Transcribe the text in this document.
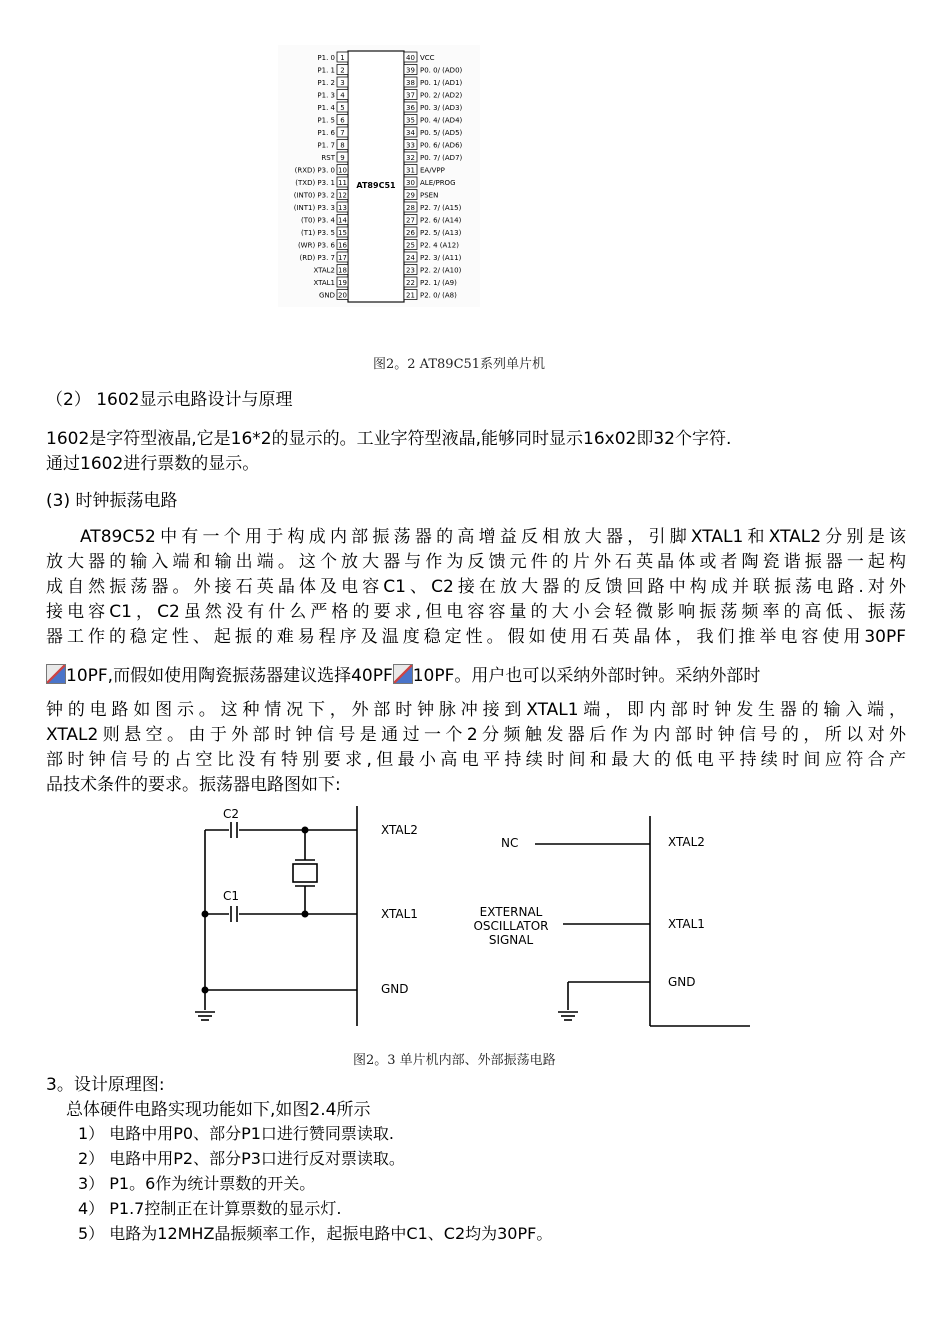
1
P1. 0
2
P1. 1
3
P1. 2
4
P1. 3
5
P1. 4
6
P1. 5
7
P1. 6
8
P1. 7
9
RST
10
(RXD) P3. 0
11
(TXD) P3. 1
12
(INT0) P3. 2
13
(INT1) P3. 3
14
(T0) P3. 4
15
(T1) P3. 5
16
(WR) P3. 6
17
(RD) P3. 7
18
XTAL2
19
XTAL1
20
GND
40 VCC
39 P0. 0/ (AD0)
38 P0. 1/ (AD1)
37 P0. 2/ (AD2)
36 P0. 3/ (AD3)
35 P0. 4/ (AD4)
34 P0. 5/ (AD5)
33 P0. 6/ (AD6)
32 P0. 7/ (AD7)
31 EA/VPP
30 ALE/PROG
29 PSEN
28 P2. 7/ (A15)
27 P2. 6/ (A14)
26 P2. 5/ (A13)
25 P2. 4 (A12)
24 P2. 3/ (A11)
23 P2. 2/ (A10)
22 P2. 1/ (A9)
21 P2. 0/ (A8)
AT89C51
图2。2 AT89C51系列单片机
（2） 1602显示电路设计与原理
1602是字符型液晶,它是16*2的显示的。工业字符型液晶,能够同时显示16x02即32个字符.
通过1602进行票数的显示。
(3) 时钟振荡电路
AT89C52中有一个用于构成内部振荡器的高增益反相放大器，引脚XTAL1和XTAL2分别是该
放大器的输入端和输出端。这个放大器与作为反馈元件的片外石英晶体或者陶瓷谐振器一起构
成自然振荡器。外接石英晶体及电容C1、C2接在放大器的反馈回路中构成并联振荡电路.对外
接电容C1，C2虽然没有什么严格的要求,但电容容量的大小会轻微影响振荡频率的高低、振荡
器工作的稳定性、起振的难易程序及温度稳定性。假如使用石英晶体，我们推举电容使用30PF
10PF,而假如使用陶瓷振荡器建议选择40PF 10PF。用户也可以采纳外部时钟。采纳外部时
钟的电路如图示。这种情况下，外部时钟脉冲接到XTAL1端，即内部时钟发生器的输入端，
XTAL2则悬空。由于外部时钟信号是通过一个2分频触发器后作为内部时钟信号的，所以对外
部时钟信号的占空比没有特别要求,但最小高电平持续时间和最大的低电平持续时间应符合产
品技术条件的要求。振荡器电路图如下:
C2
C1
XTAL2
XTAL1
GND
NC
EXTERNAL
OSCILLATOR
SIGNAL
XTAL2
XTAL1
GND
图2。3 单片机内部、外部振荡电路
3。设计原理图:
总体硬件电路实现功能如下,如图2.4所示
1） 电路中用P0、部分P1口进行赞同票读取.
2） 电路中用P2、部分P3口进行反对票读取。
3） P1。6作为统计票数的开关。
4） P1.7控制正在计算票数的显示灯.
5） 电路为12MHZ晶振频率工作，起振电路中C1、C2均为30PF。
